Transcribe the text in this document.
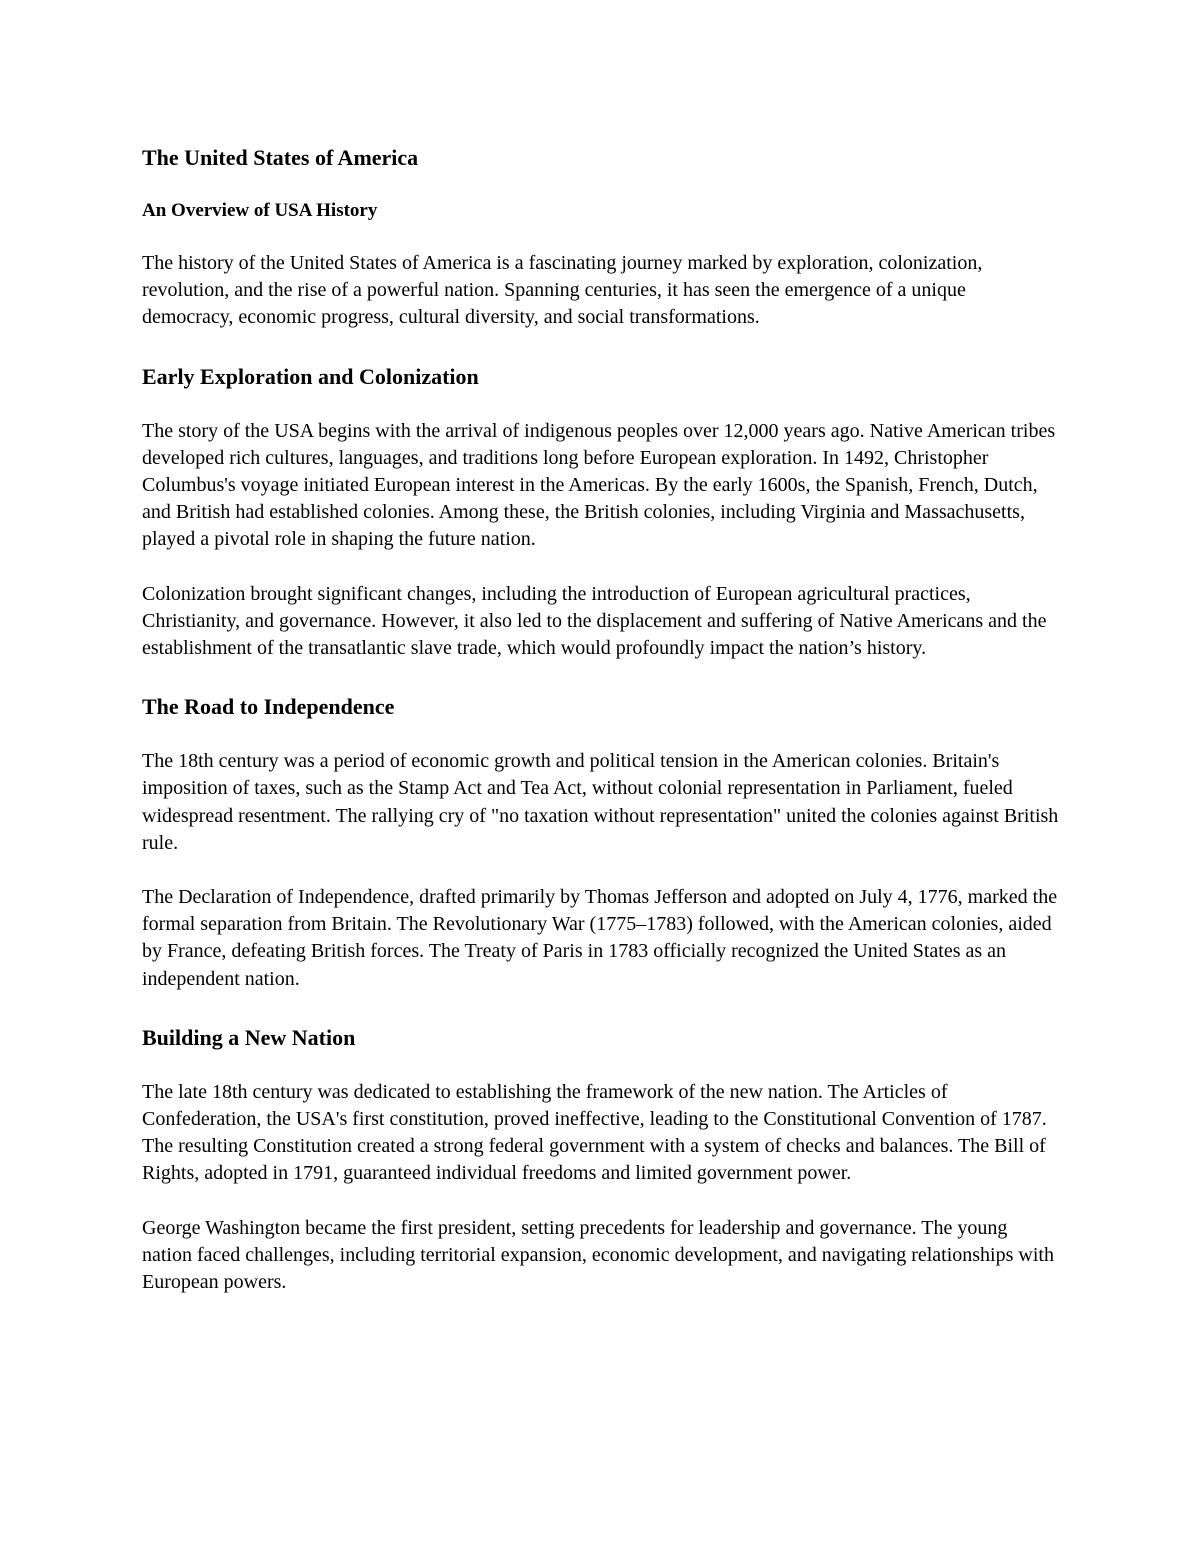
The United States of America
An Overview of USA History

The history of the United States of America is a fascinating journey marked by exploration, colonization, revolution, and the rise of a powerful nation. Spanning centuries, it has seen the emergence of a unique democracy, economic progress, cultural diversity, and social transformations.

Early Exploration and Colonization

The story of the USA begins with the arrival of indigenous peoples over 12,000 years ago. Native American tribes developed rich cultures, languages, and traditions long before European exploration. In 1492, Christopher Columbus's voyage initiated European interest in the Americas. By the early 1600s, the Spanish, French, Dutch, and British had established colonies. Among these, the British colonies, including Virginia and Massachusetts, played a pivotal role in shaping the future nation.

Colonization brought significant changes, including the introduction of European agricultural practices, Christianity, and governance. However, it also led to the displacement and suffering of Native Americans and the establishment of the transatlantic slave trade, which would profoundly impact the nation’s history.

The Road to Independence

The 18th century was a period of economic growth and political tension in the American colonies. Britain's imposition of taxes, such as the Stamp Act and Tea Act, without colonial representation in Parliament, fueled widespread resentment. The rallying cry of "no taxation without representation" united the colonies against British rule.

The Declaration of Independence, drafted primarily by Thomas Jefferson and adopted on July 4, 1776, marked the formal separation from Britain. The Revolutionary War (1775–1783) followed, with the American colonies, aided by France, defeating British forces. The Treaty of Paris in 1783 officially recognized the United States as an independent nation.

Building a New Nation

The late 18th century was dedicated to establishing the framework of the new nation. The Articles of Confederation, the USA's first constitution, proved ineffective, leading to the Constitutional Convention of 1787. The resulting Constitution created a strong federal government with a system of checks and balances. The Bill of Rights, adopted in 1791, guaranteed individual freedoms and limited government power.

George Washington became the first president, setting precedents for leadership and governance. The young nation faced challenges, including territorial expansion, economic development, and navigating relationships with European powers.
